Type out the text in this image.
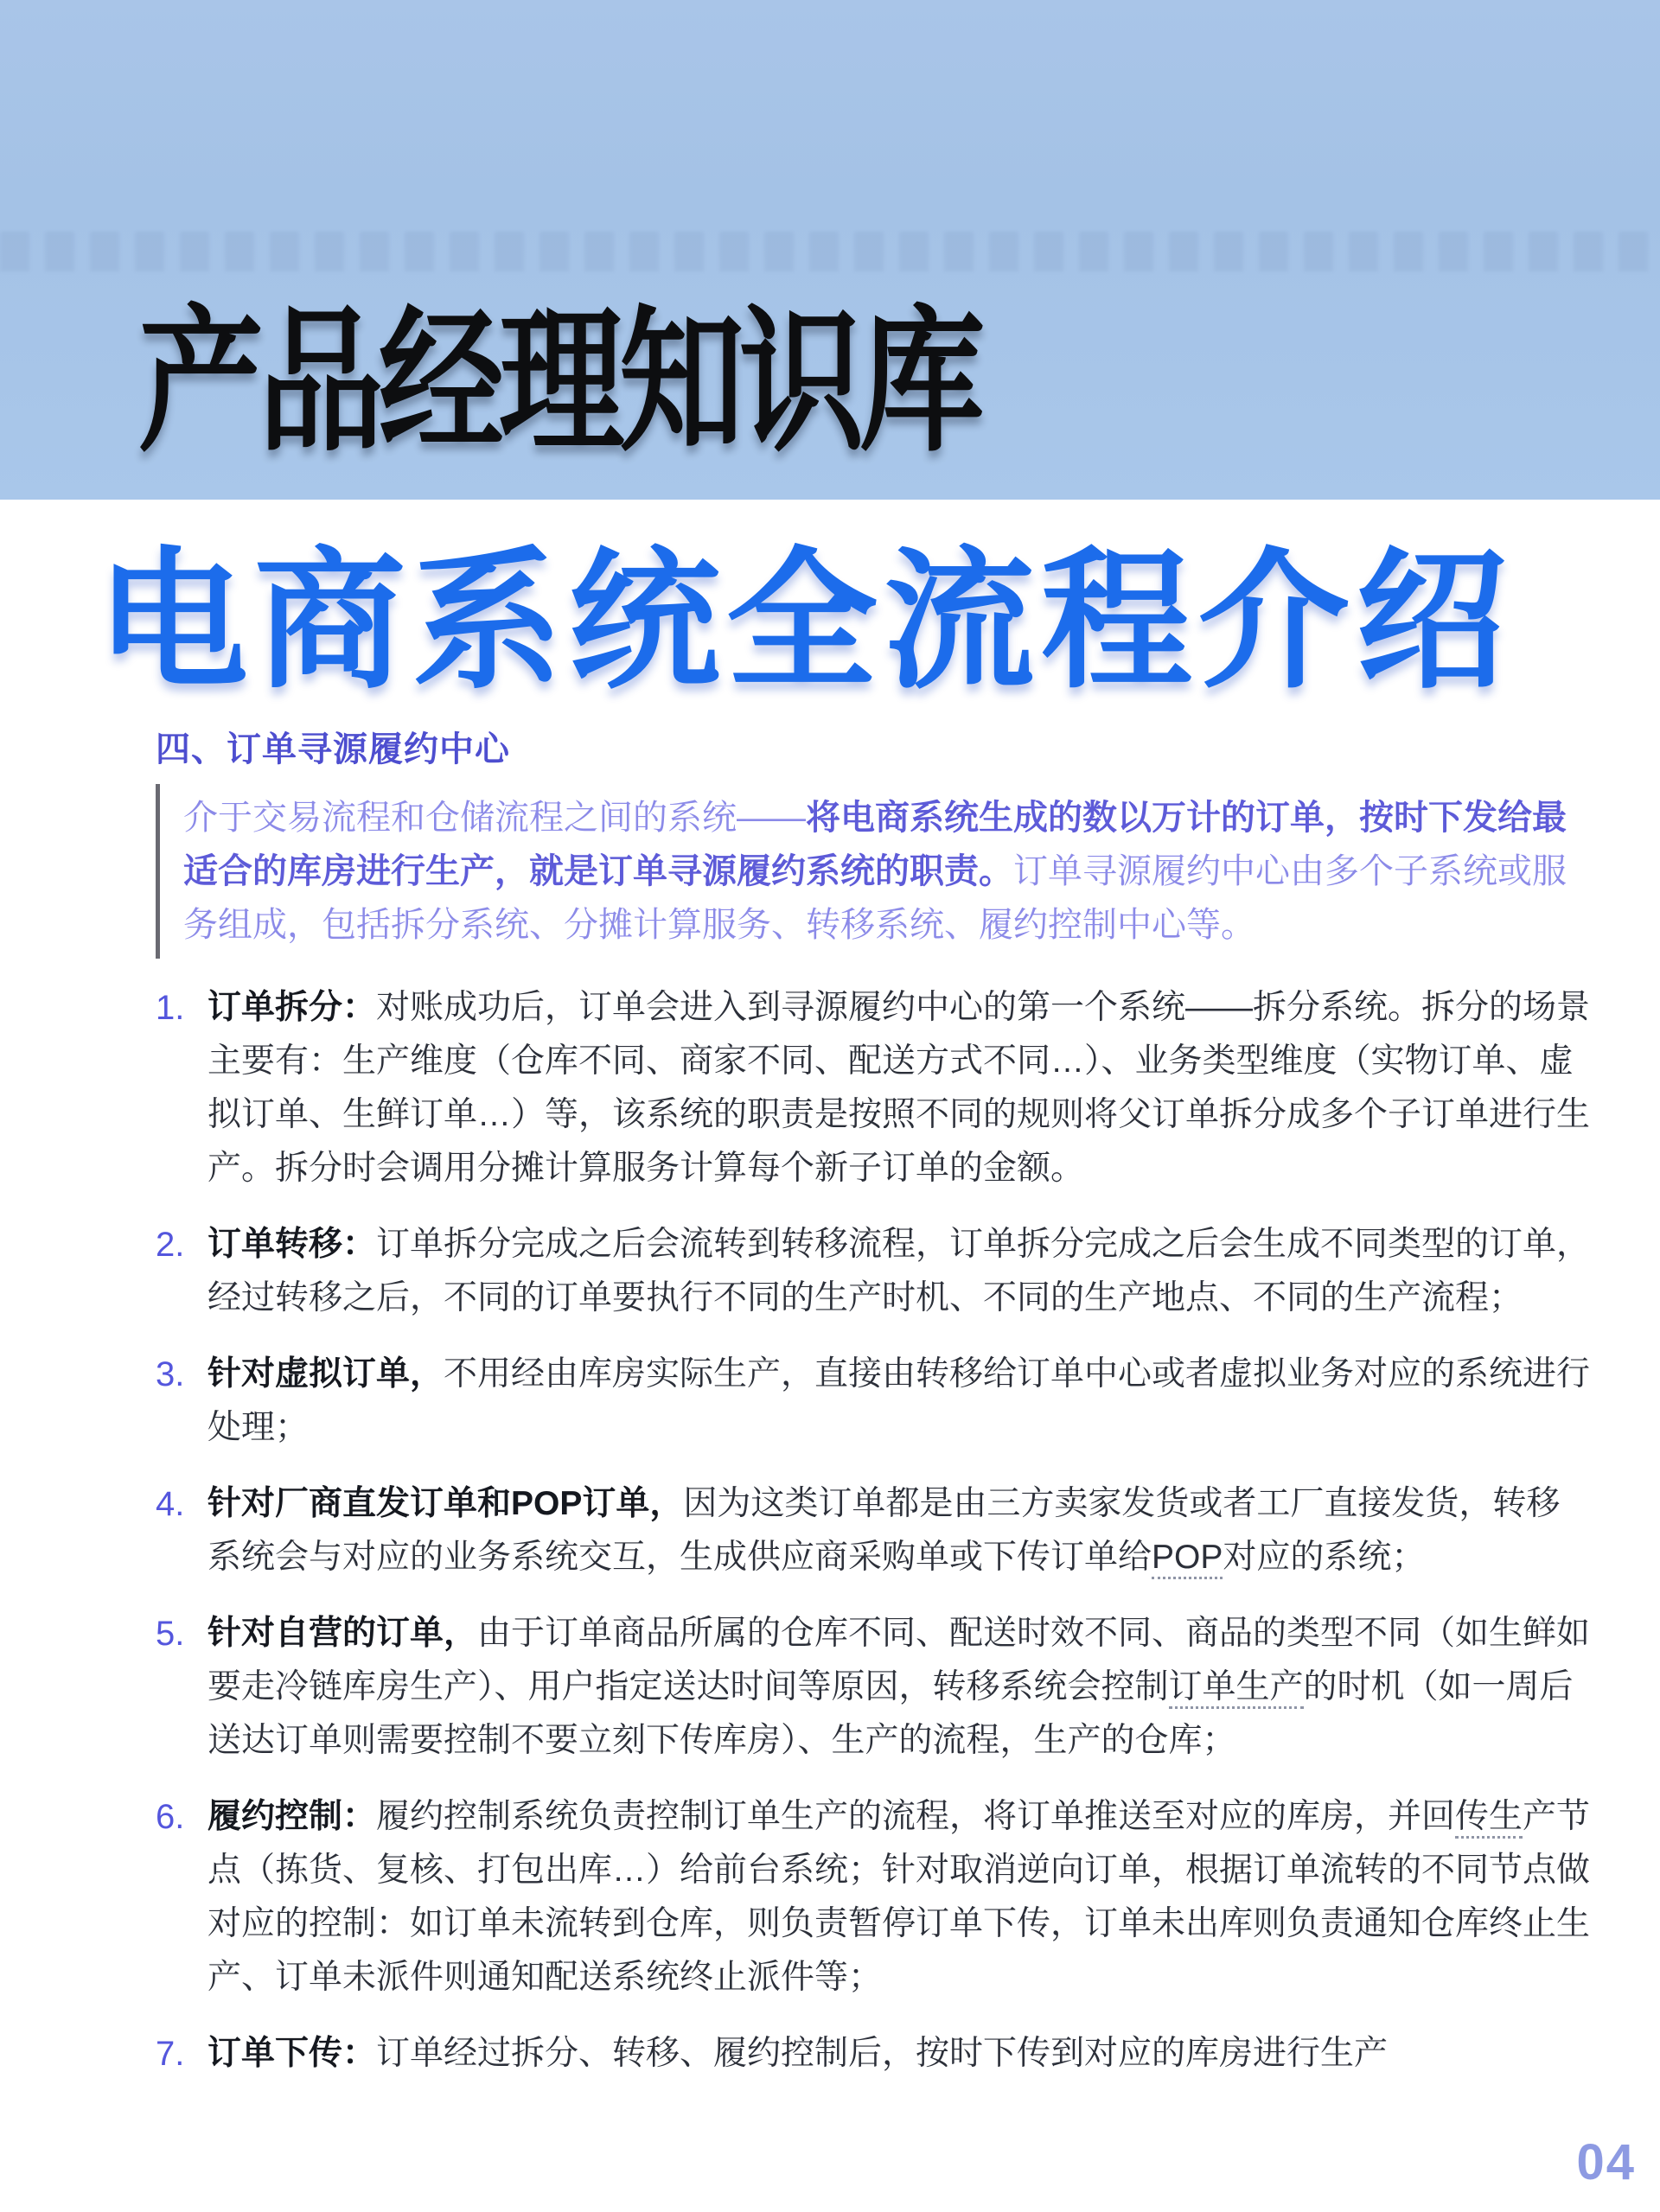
产品经理知识库
电商系统全流程介绍
四、订单寻源履约中心
介于交易流程和仓储流程之间的系统——将电商系统生成的数以万计的订单，按时下发给最适合的库房进行生产，就是订单寻源履约系统的职责。订单寻源履约中心由多个子系统或服务组成，包括拆分系统、分摊计算服务、转移系统、履约控制中心等。
1. 订单拆分：对账成功后，订单会进入到寻源履约中心的第一个系统——拆分系统。拆分的场景主要有：生产维度（仓库不同、商家不同、配送方式不同…）、业务类型维度（实物订单、虚拟订单、生鲜订单…）等，该系统的职责是按照不同的规则将父订单拆分成多个子订单进行生产。拆分时会调用分摊计算服务计算每个新子订单的金额。
2. 订单转移：订单拆分完成之后会流转到转移流程，订单拆分完成之后会生成不同类型的订单，经过转移之后，不同的订单要执行不同的生产时机、不同的生产地点、不同的生产流程；
3. 针对虚拟订单，不用经由库房实际生产，直接由转移给订单中心或者虚拟业务对应的系统进行处理；
4. 针对厂商直发订单和POP订单，因为这类订单都是由三方卖家发货或者工厂直接发货，转移系统会与对应的业务系统交互，生成供应商采购单或下传订单给POP对应的系统；
5. 针对自营的订单，由于订单商品所属的仓库不同、配送时效不同、商品的类型不同（如生鲜如要走冷链库房生产）、用户指定送达时间等原因，转移系统会控制订单生产的时机（如一周后送达订单则需要控制不要立刻下传库房）、生产的流程，生产的仓库；
6. 履约控制：履约控制系统负责控制订单生产的流程，将订单推送至对应的库房，并回传生产节点（拣货、复核、打包出库…）给前台系统；针对取消逆向订单，根据订单流转的不同节点做对应的控制：如订单未流转到仓库，则负责暂停订单下传，订单未出库则负责通知仓库终止生产、订单未派件则通知配送系统终止派件等；
7. 订单下传：订单经过拆分、转移、履约控制后，按时下传到对应的库房进行生产
04
